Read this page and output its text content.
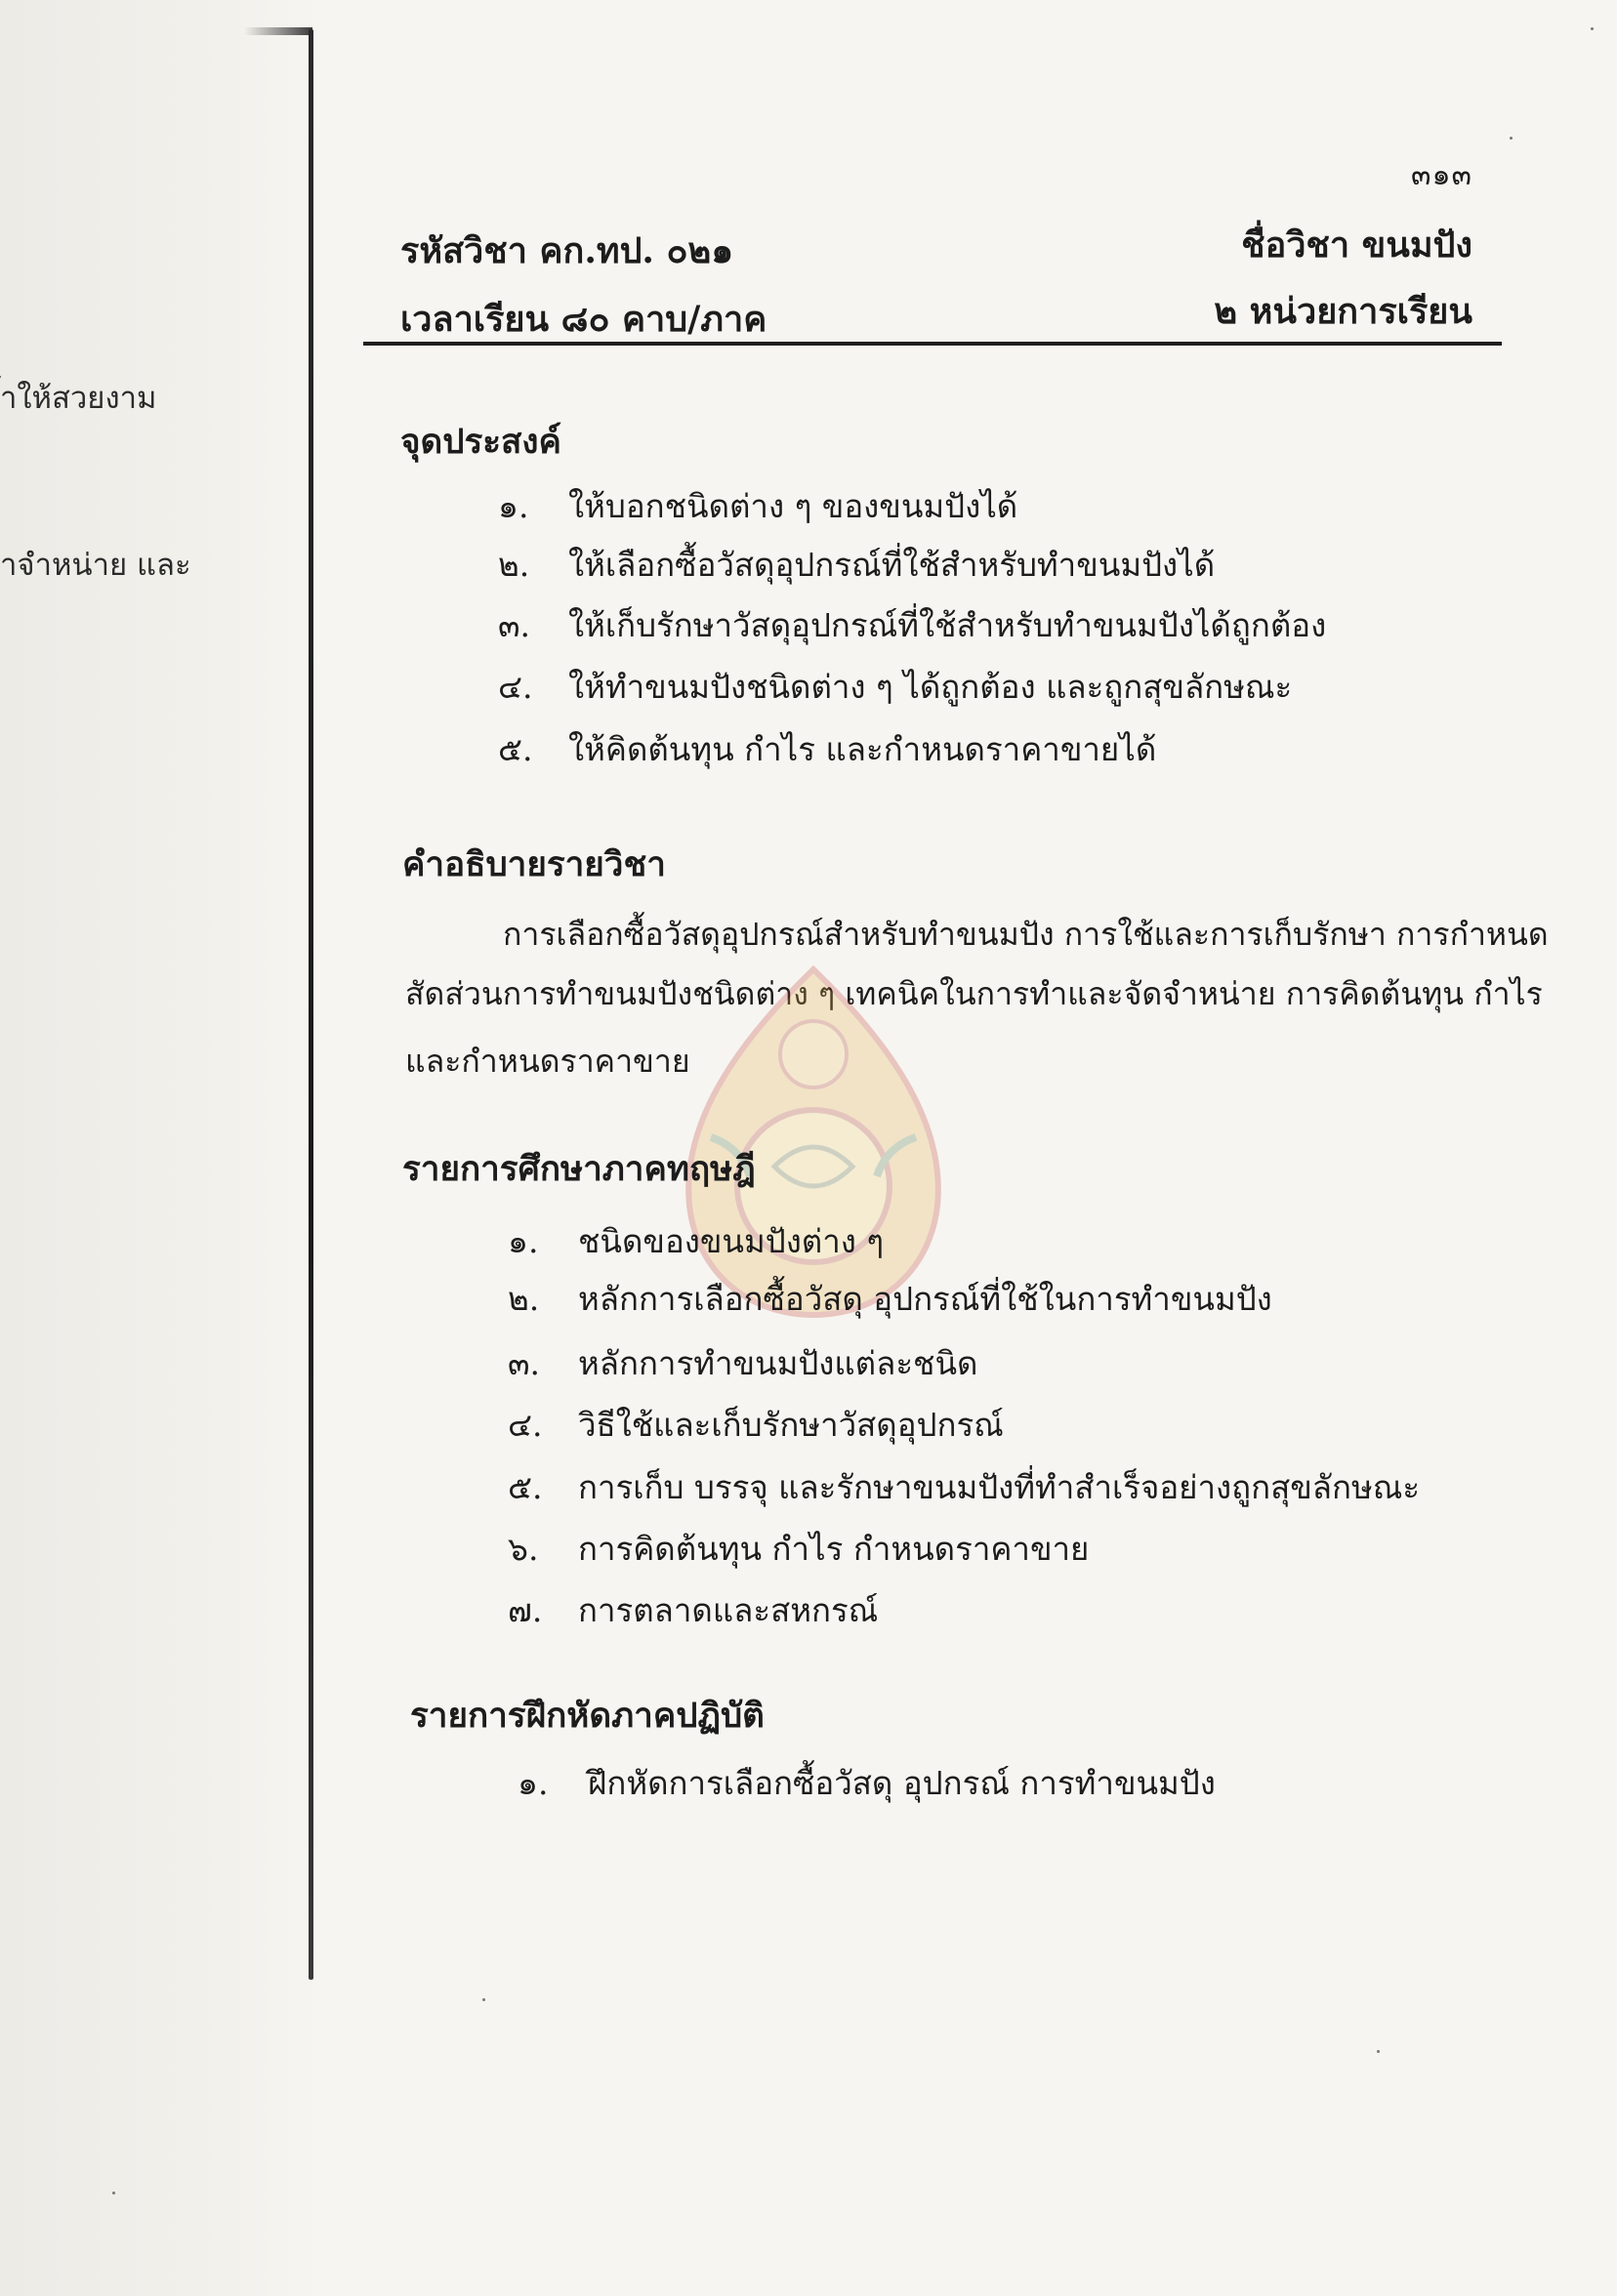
้าให้สวยงาม
าจำหน่าย และ
๓๑๓
รหัสวิชา คก.ทป. ๐๒๑
เวลาเรียน ๘๐ คาบ/ภาค
ชื่อวิชา ขนมปัง
๒ หน่วยการเรียน
จุดประสงค์
๑. ให้บอกชนิดต่าง ๆ ของขนมปังได้
๒. ให้เลือกซื้อวัสดุอุปกรณ์ที่ใช้สำหรับทำขนมปังได้
๓. ให้เก็บรักษาวัสดุอุปกรณ์ที่ใช้สำหรับทำขนมปังได้ถูกต้อง
๔. ให้ทำขนมปังชนิดต่าง ๆ ได้ถูกต้อง และถูกสุขลักษณะ
๕. ให้คิดต้นทุน กำไร และกำหนดราคาขายได้
คำอธิบายรายวิชา
การเลือกซื้อวัสดุอุปกรณ์สำหรับทำขนมปัง การใช้และการเก็บรักษา การกำหนด
สัดส่วนการทำขนมปังชนิดต่าง ๆ เทคนิคในการทำและจัดจำหน่าย การคิดต้นทุน กำไร
และกำหนดราคาขาย
รายการศึกษาภาคทฤษฎี
๑. ชนิดของขนมปังต่าง ๆ
๒. หลักการเลือกซื้อวัสดุ อุปกรณ์ที่ใช้ในการทำขนมปัง
๓. หลักการทำขนมปังแต่ละชนิด
๔. วิธีใช้และเก็บรักษาวัสดุอุปกรณ์
๕. การเก็บ บรรจุ และรักษาขนมปังที่ทำสำเร็จอย่างถูกสุขลักษณะ
๖. การคิดต้นทุน กำไร กำหนดราคาขาย
๗. การตลาดและสหกรณ์
รายการฝึกหัดภาคปฏิบัติ
๑. ฝึกหัดการเลือกซื้อวัสดุ อุปกรณ์ การทำขนมปัง
